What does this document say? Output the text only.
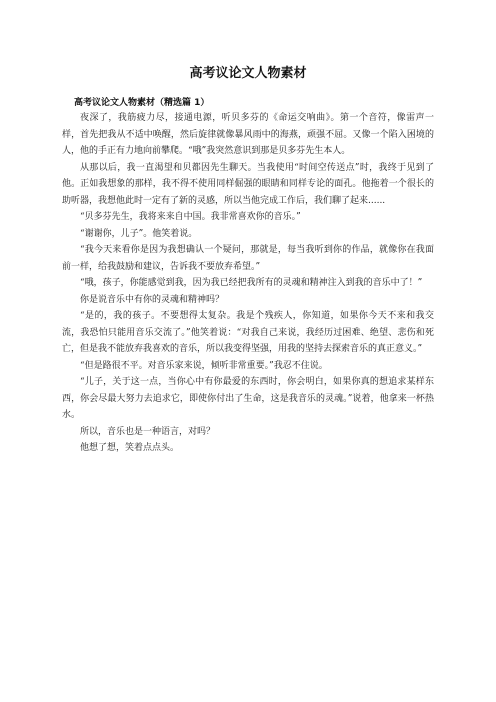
高考议论文人物素材
高考议论文人物素材（精选篇 1）

夜深了，我筋疲力尽，接通电源，听贝多芬的《命运交响曲》。第一个音符，像雷声一样，首先把我从不适中唤醒，然后旋律就像暴风雨中的海燕，顽强不屈。又像一个陷入困境的人，他的手正有力地向前攀爬。“哦”我突然意识到那是贝多芬先生本人。

从那以后，我一直渴望和贝都因先生聊天。当我使用“时间空传送点”时，我终于见到了他。正如我想象的那样，我不得不使用同样倔强的眼睛和同样专论的面孔。他拖着一个很长的助听器，我想他此时一定有了新的灵感，所以当他完成工作后，我们聊了起来......

“贝多芬先生，我将来来自中国。我非常喜欢你的音乐。”

“谢谢你，儿子”。他笑着说。

“我今天来看你是因为我想确认一个疑问，那就是，每当我听到你的作品，就像你在我面前一样，给我鼓励和建议，告诉我不要放弃希望。”

“哦，孩子，你能感觉到我，因为我已经把我所有的灵魂和精神注入到我的音乐中了！”

你是说音乐中有你的灵魂和精神吗？

“是的，我的孩子。不要想得太复杂。我是个残疾人，你知道，如果你今天不来和我交流，我恐怕只能用音乐交流了。”他笑着说：“对我自己来说，我经历过困难、绝望、悲伤和死亡，但是我不能放弃我喜欢的音乐，所以我变得坚强，用我的坚持去探索音乐的真正意义。”

“但是路很不平。对音乐家来说，倾听非常重要。”我忍不住说。

“儿子，关于这一点，当你心中有你最爱的东西时，你会明白，如果你真的想追求某样东西，你会尽最大努力去追求它，即使你付出了生命，这是我音乐的灵魂。”说着，他拿来一杯热水。

所以，音乐也是一种语言，对吗？

他想了想，笑着点点头。
